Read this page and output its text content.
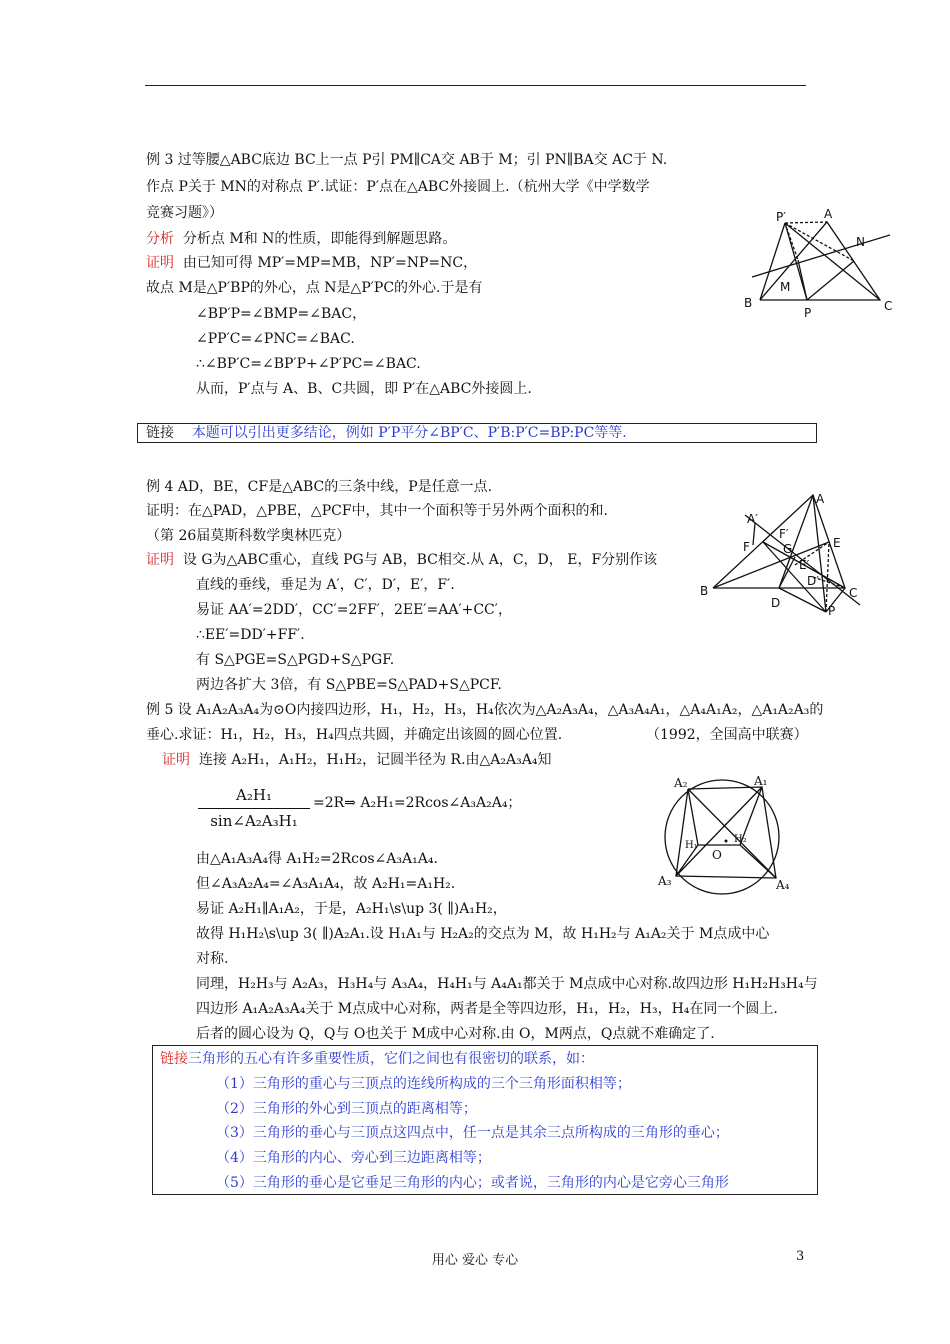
例 3 过等腰△ABC底边 BC上一点 P引 PM∥CA交 AB于 M；引 PN∥BA交 AC于 N.
作点 P关于 MN的对称点 P′.试证：P′点在△ABC外接圆上.（杭州大学《中学数学
竞赛习题》）
分析 分析点 M和 N的性质，即能得到解题思路。
证明 由已知可得 MP′=MP=MB，NP′=NP=NC，
故点 M是△P′BP的外心，点 N是△P′PC的外心.于是有
∠BP′P=∠BMP=∠BAC，
∠PP′C=∠PNC=∠BAC.
∴∠BP′C=∠BP′P+∠P′PC=∠BAC.
从而，P′点与 A、B、C共圆，即 P′在△ABC外接圆上.
链接 本题可以引出更多结论，例如 P′P平分∠BP′C、P′B:P′C=BP:PC等等.
P′	A
N
M
B
P	C
例 4 AD，BE，CF是△ABC的三条中线，P是任意一点.
证明：在△PAD，△PBE，△PCF中，其中一个面积等于另外两个面积的和.
（第 26届莫斯科数学奥林匹克）
证明 设 G为△ABC重心，直线 PG与 AB，BC相交.从 A，C，D， E，F分别作该
直线的垂线，垂足为 A′，C′，D′，E′，F′.
易证 AA′=2DD′，CC′=2FF′，2EE′=AA′+CC′，
∴EE′=DD′+FF′.
有 S△PGE=S△PGD+S△PGF.
两边各扩大 3倍，有 S△PBE=S△PAD+S△PCF.
A
A′
F′
F	G	E
E′
D′
B
D
C
P
例 5 设 A₁A₂A₃A₄为⊙O内接四边形，H₁，H₂，H₃，H₄依次为△A₂A₃A₄，△A₃A₄A₁，△A₄A₁A₂，△A₁A₂A₃的
垂心.求证：H₁，H₂，H₃，H₄四点共圆，并确定出该圆的圆心位置.	（1992，全国高中联赛）
证明 连接 A₂H₁，A₁H₂，H₁H₂，记圆半径为 R.由△A₂A₃A₄知
A₂H₁
sin∠A₂A₃H₁
=2R⇒ A₂H₁=2Rcos∠A₃A₂A₄；
由△A₁A₃A₄得 A₁H₂=2Rcos∠A₃A₁A₄.
但∠A₃A₂A₄=∠A₃A₁A₄，故 A₂H₁=A₁H₂.
易证 A₂H₁∥A₁A₂，于是，A₂H₁\s\up 3( ∥)A₁H₂，
故得 H₁H₂\s\up 3( ∥)A₂A₁.设 H₁A₁与 H₂A₂的交点为 M，故 H₁H₂与 A₁A₂关于 M点成中心
对称.
同理，H₂H₃与 A₂A₃，H₃H₄与 A₃A₄，H₄H₁与 A₄A₁都关于 M点成中心对称.故四边形 H₁H₂H₃H₄与
四边形 A₁A₂A₃A₄关于 M点成中心对称，两者是全等四边形，H₁，H₂，H₃，H₄在同一个圆上.
后者的圆心设为 Q，Q与 O也关于 M成中心对称.由 O，M两点，Q点就不难确定了.
A₂	A₁
H₁
H₂
O
A₃	A₄
链接三角形的五心有许多重要性质，它们之间也有很密切的联系，如：
（1）三角形的重心与三顶点的连线所构成的三个三角形面积相等；
（2）三角形的外心到三顶点的距离相等；
（3）三角形的垂心与三顶点这四点中，任一点是其余三点所构成的三角形的垂心；
（4）三角形的内心、旁心到三边距离相等；
（5）三角形的垂心是它垂足三角形的内心；或者说，三角形的内心是它旁心三角形
用心 爱心 专心	3
